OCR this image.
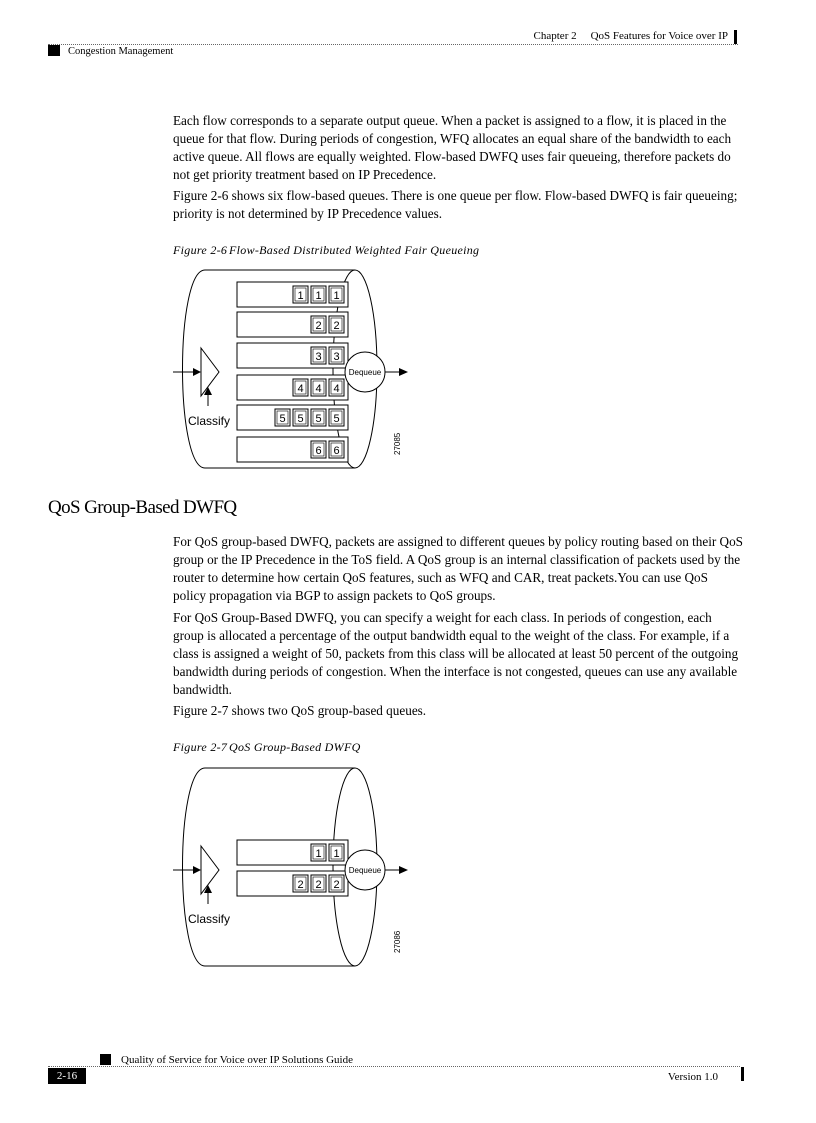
Chapter 2 QoS Features for Voice over IP
Congestion Management
Each flow corresponds to a separate output queue. When a packet is assigned to a flow, it is placed in the queue for that flow. During periods of congestion, WFQ allocates an equal share of the bandwidth to each active queue. All flows are equally weighted. Flow-based DWFQ uses fair queueing, therefore packets do not get priority treatment based on IP Precedence.
Figure 2-6 shows six flow-based queues. There is one queue per flow. Flow-based DWFQ is fair queueing; priority is not determined by IP Precedence values.
Figure 2-6 Flow-Based Distributed Weighted Fair Queueing
1 1 1
2 2
3 3
4 4 4
5 5 5 5
6 6
Classify
Dequeue
27085
QoS Group-Based DWFQ
For QoS group-based DWFQ, packets are assigned to different queues by policy routing based on their QoS group or the IP Precedence in the ToS field. A QoS group is an internal classification of packets used by the router to determine how certain QoS features, such as WFQ and CAR, treat packets.You can use QoS policy propagation via BGP to assign packets to QoS groups.
For QoS Group-Based DWFQ, you can specify a weight for each class. In periods of congestion, each group is allocated a percentage of the output bandwidth equal to the weight of the class. For example, if a class is assigned a weight of 50, packets from this class will be allocated at least 50 percent of the outgoing bandwidth during periods of congestion. When the interface is not congested, queues can use any available bandwidth.
Figure 2-7 shows two QoS group-based queues.
Figure 2-7 QoS Group-Based DWFQ
1 1
2 2 2
Classify
Dequeue
27086
Quality of Service for Voice over IP Solutions Guide
2-16	Version 1.0
